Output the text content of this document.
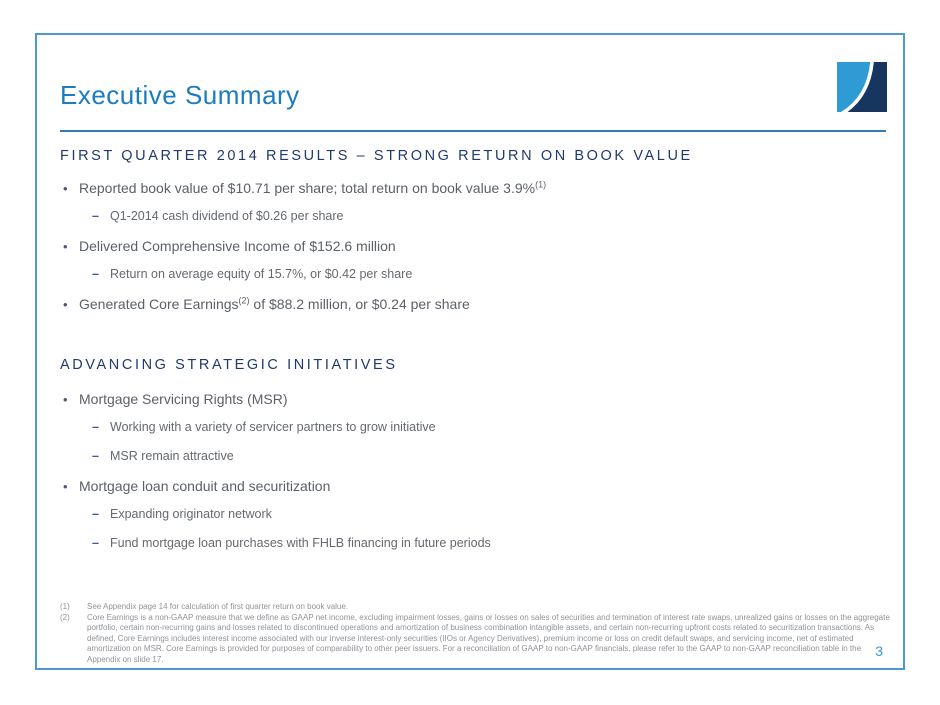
Executive Summary
FIRST QUARTER 2014 RESULTS – STRONG RETURN ON BOOK VALUE
• Reported book value of $10.71 per share; total return on book value 3.9%$^{(1)}$
– Q1-2014 cash dividend of $0.26 per share
• Delivered Comprehensive Income of $152.6 million
– Return on average equity of 15.7%, or $0.42 per share
• Generated Core Earnings$^{(2)}$ of $88.2 million, or $0.24 per share
ADVANCING STRATEGIC INITIATIVES
• Mortgage Servicing Rights (MSR)
– Working with a variety of servicer partners to grow initiative
– MSR remain attractive
• Mortgage loan conduit and securitization
– Expanding originator network
– Fund mortgage loan purchases with FHLB financing in future periods
(1)	See Appendix page 14 for calculation of first quarter return on book value.
(2)	Core Earnings is a non-GAAP measure that we define as GAAP net income, excluding impairment losses, gains or losses on sales of securities and termination of interest rate swaps, unrealized gains or losses on the aggregate portfolio, certain non-recurring gains and losses related to discontinued operations and amortization of business combination intangible assets, and certain non-recurring upfront costs related to securitization transactions. As defined, Core Earnings includes interest income associated with our inverse interest-only securities (IIOs or Agency Derivatives), premium income or loss on credit default swaps, and servicing income, net of estimated amortization on MSR. Core Earnings is provided for purposes of comparability to other peer issuers. For a reconciliation of GAAP to non-GAAP financials, please refer to the GAAP to non-GAAP reconciliation table in the Appendix on slide 17.
3
